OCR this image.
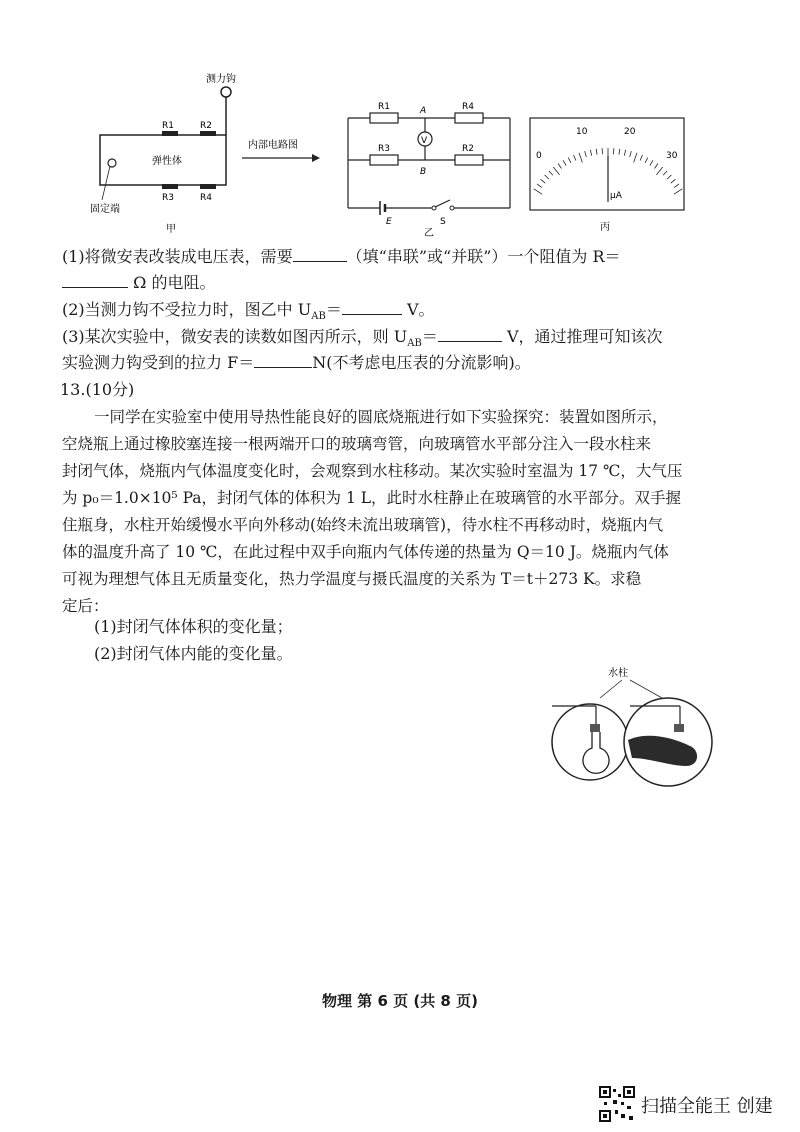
测力钩
R1	R2
R3	R4
弹性体
固定端
甲
内部电路图
R1	R4
R3	R2
V
A
B
E	S
乙
0
10	20
30
μA
丙
(1)将微安表改装成电压表，需要	（填“串联”或“并联”）一个阻值为 R＝
Ω 的电阻。
(2)当测力钩不受拉力时，图乙中 $U_{AB}=$	V。
(3)某次实验中，微安表的读数如图丙所示，则 $U_{AB}=$	V，通过推理可知该次
实验测力钩受到的拉力 F＝	N(不考虑电压表的分流影响)。
13.(10分)
一同学在实验室中使用导热性能良好的圆底烧瓶进行如下实验探究：装置如图所示，
空烧瓶上通过橡胶塞连接一根两端开口的玻璃弯管，向玻璃管水平部分注入一段水柱来
封闭气体，烧瓶内气体温度变化时，会观察到水柱移动。某次实验时室温为 17 ℃，大气压
为 p₀＝1.0×10⁵ Pa，封闭气体的体积为 1 L，此时水柱静止在玻璃管的水平部分。双手握
住瓶身，水柱开始缓慢水平向外移动(始终未流出玻璃管)，待水柱不再移动时，烧瓶内气
体的温度升高了 10 ℃，在此过程中双手向瓶内气体传递的热量为 Q＝10 J。烧瓶内气体
可视为理想气体且无质量变化，热力学温度与摄氏温度的关系为 T＝t＋273 K。求稳
定后：
(1)封闭气体体积的变化量；
(2)封闭气体内能的变化量。
水柱
物理 第 6 页 (共 8 页)
扫描全能王 创建
